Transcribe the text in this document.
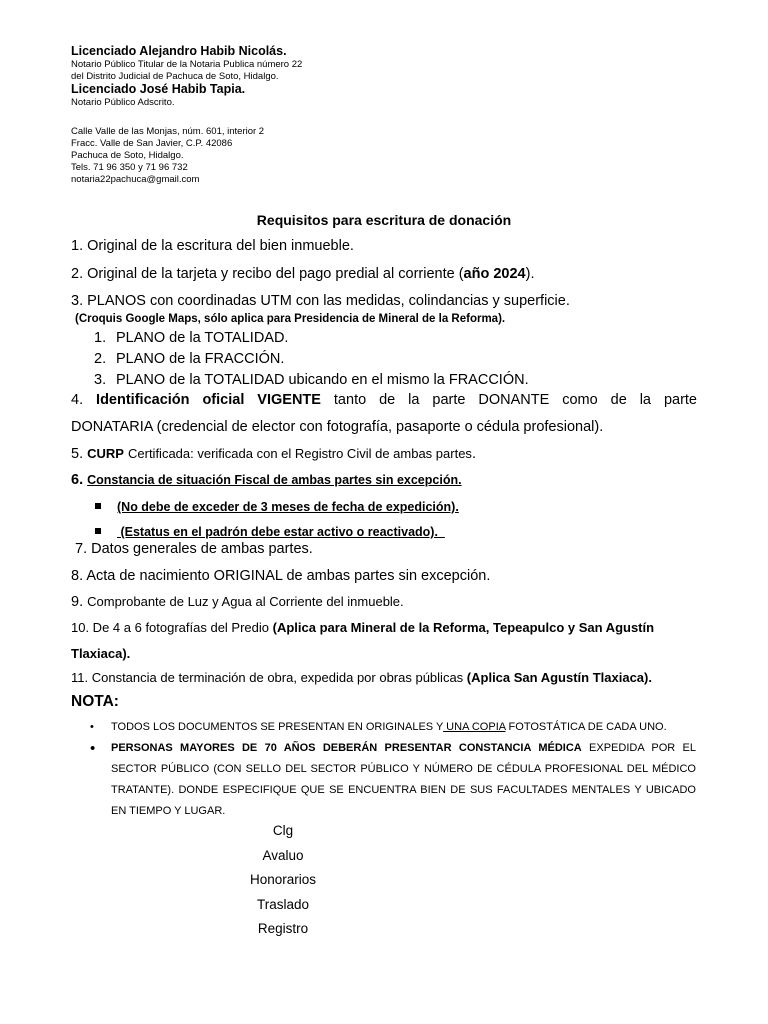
Licenciado Alejandro Habib Nicolás.
Notario Público Titular de la Notaria Publica número 22
del Distrito Judicial de Pachuca de Soto, Hidalgo.
Licenciado José Habib Tapia.
Notario Público Adscrito.
Calle Valle de las Monjas, núm. 601, interior 2
Fracc. Valle de San Javier, C.P. 42086
Pachuca de Soto, Hidalgo.
Tels. 71 96 350 y 71 96 732
notaria22pachuca@gmail.com
Requisitos para escritura de donación
1. Original de la escritura del bien inmueble.
2. Original de la tarjeta y recibo del pago predial al corriente (año 2024).
3. PLANOS con coordinadas UTM con las medidas, colindancias y superficie.
(Croquis Google Maps, sólo aplica para Presidencia de Mineral de la Reforma).
1. PLANO de la TOTALIDAD.
2. PLANO de la FRACCIÓN.
3. PLANO de la TOTALIDAD ubicando en el mismo la FRACCIÓN.
4. Identificación oficial VIGENTE tanto de la parte DONANTE como de la parte
DONATARIA (credencial de elector con fotografía, pasaporte o cédula profesional).
5. CURP Certificada: verificada con el Registro Civil de ambas partes.
6. Constancia de situación Fiscal de ambas partes sin excepción.
(No debe de exceder de 3 meses de fecha de expedición).
(Estatus en el padrón debe estar activo o reactivado).
7. Datos generales de ambas partes.
8. Acta de nacimiento ORIGINAL de ambas partes sin excepción.
9. Comprobante de Luz y Agua al Corriente del inmueble.
10. De 4 a 6 fotografías del Predio (Aplica para Mineral de la Reforma, Tepeapulco y San Agustín
Tlaxiaca).
11. Constancia de terminación de obra, expedida por obras públicas (Aplica San Agustín Tlaxiaca).
NOTA:
• TODOS LOS DOCUMENTOS SE PRESENTAN EN ORIGINALES Y UNA COPIA FOTOSTÁTICA DE CADA UNO.
• PERSONAS MAYORES DE 70 AÑOS DEBERÁN PRESENTAR CONSTANCIA MÉDICA EXPEDIDA POR EL SECTOR PÚBLICO (CON SELLO DEL SECTOR PÚBLICO Y NÚMERO DE CÉDULA PROFESIONAL DEL MÉDICO TRATANTE). DONDE ESPECIFIQUE QUE SE ENCUENTRA BIEN DE SUS FACULTADES MENTALES Y UBICADO EN TIEMPO Y LUGAR.
Clg
Avaluo
Honorarios
Traslado
Registro
